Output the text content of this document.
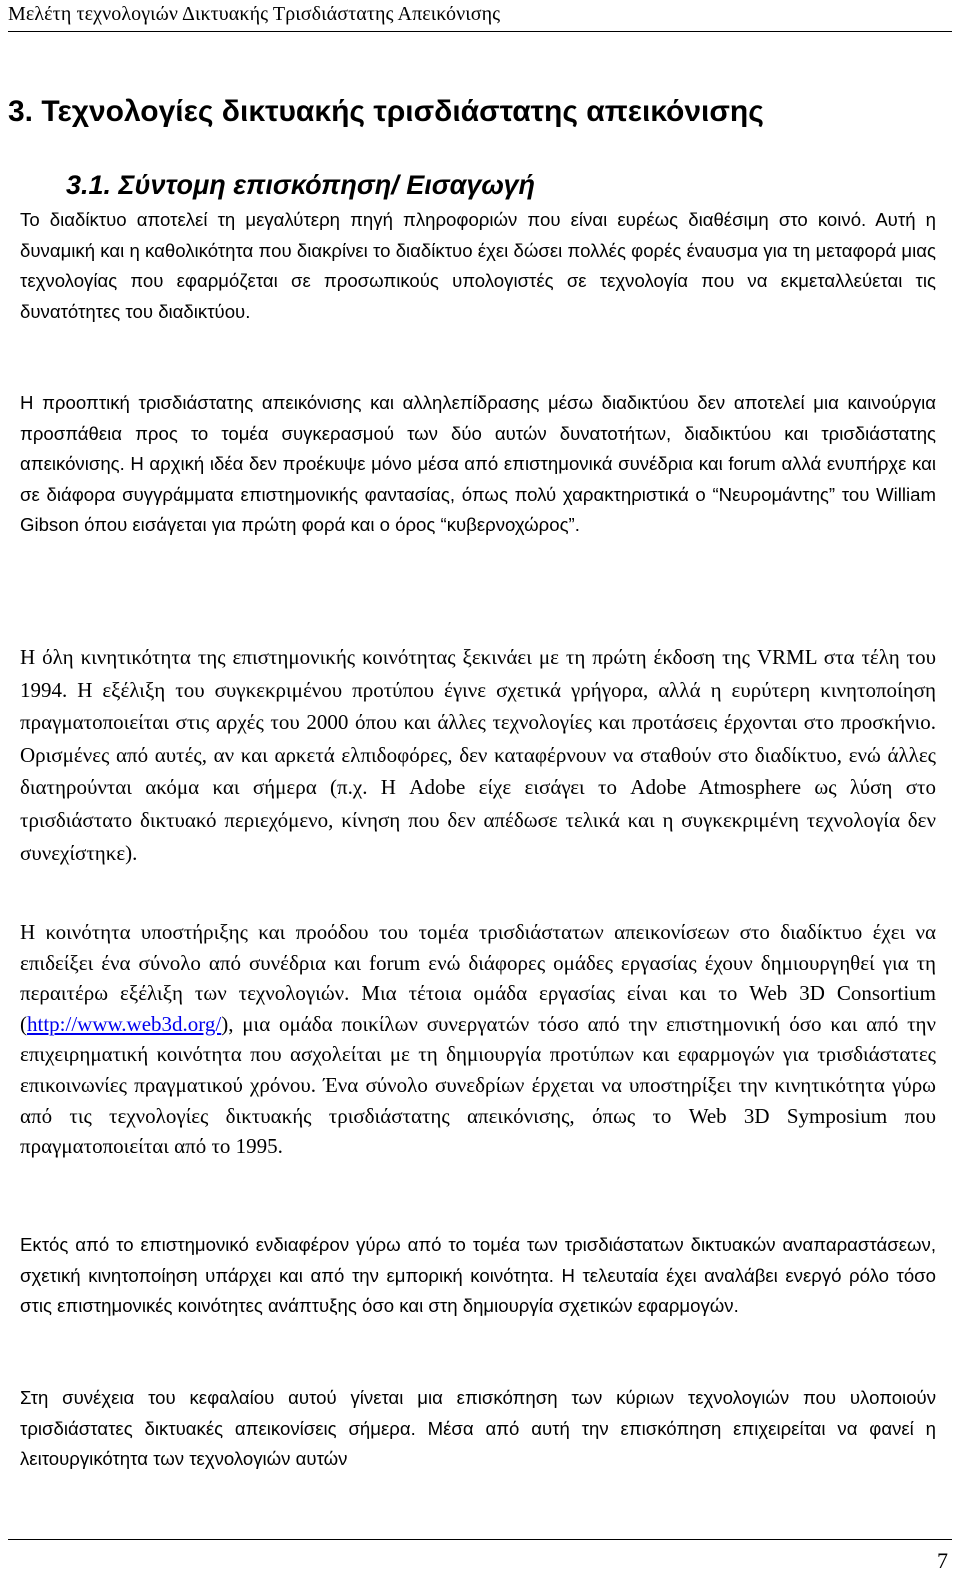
Μελέτη τεχνολογιών Δικτυακής Τρισδιάστατης Απεικόνισης
3. Τεχνολογίες δικτυακής τρισδιάστατης απεικόνισης
3.1. Σύντομη επισκόπηση/ Εισαγωγή

Το διαδίκτυο αποτελεί τη μεγαλύτερη πηγή πληροφοριών που είναι ευρέως διαθέσιμη στο κοινό. Αυτή η δυναμική και η καθολικότητα που διακρίνει το διαδίκτυο έχει δώσει πολλές φορές έναυσμα για τη μεταφορά μιας τεχνολογίας που εφαρμόζεται σε προσωπικούς υπολογιστές σε τεχνολογία που να εκμεταλλεύεται τις δυνατότητες του διαδικτύου.

Η προοπτική τρισδιάστατης απεικόνισης και αλληλεπίδρασης μέσω διαδικτύου δεν αποτελεί μια καινούργια προσπάθεια προς το τομέα συγκερασμού των δύο αυτών δυνατοτήτων, διαδικτύου και τρισδιάστατης απεικόνισης. Η αρχική ιδέα δεν προέκυψε μόνο μέσα από επιστημονικά συνέδρια και forum αλλά ενυπήρχε και σε διάφορα συγγράμματα επιστημονικής φαντασίας, όπως πολύ χαρακτηριστικά ο “Νευρομάντης” του William Gibson όπου εισάγεται για πρώτη φορά και ο όρος “κυβερνοχώρος”.

Η όλη κινητικότητα της επιστημονικής κοινότητας ξεκινάει με τη πρώτη έκδοση της VRML στα τέλη του 1994. Η εξέλιξη του συγκεκριμένου προτύπου έγινε σχετικά γρήγορα, αλλά η ευρύτερη κινητοποίηση πραγματοποιείται στις αρχές του 2000 όπου και άλλες τεχνολογίες και προτάσεις έρχονται στο προσκήνιο. Ορισμένες από αυτές, αν και αρκετά ελπιδοφόρες, δεν καταφέρνουν να σταθούν στο διαδίκτυο, ενώ άλλες διατηρούνται ακόμα και σήμερα (π.χ. Η Adobe είχε εισάγει το Adobe Atmosphere ως λύση στο τρισδιάστατο δικτυακό περιεχόμενο, κίνηση που δεν απέδωσε τελικά και η συγκεκριμένη τεχνολογία δεν συνεχίστηκε).

Η κοινότητα υποστήριξης και προόδου του τομέα τρισδιάστατων απεικονίσεων στο διαδίκτυο έχει να επιδείξει ένα σύνολο από συνέδρια και forum ενώ διάφορες ομάδες εργασίας έχουν δημιουργηθεί για τη περαιτέρω εξέλιξη των τεχνολογιών. Μια τέτοια ομάδα εργασίας είναι και το Web 3D Consortium (http://www.web3d.org/), μια ομάδα ποικίλων συνεργατών τόσο από την επιστημονική όσο και από την επιχειρηματική κοινότητα που ασχολείται με τη δημιουργία προτύπων και εφαρμογών για τρισδιάστατες επικοινωνίες πραγματικού χρόνου. Ένα σύνολο συνεδρίων έρχεται να υποστηρίξει την κινητικότητα γύρω από τις τεχνολογίες δικτυακής τρισδιάστατης απεικόνισης, όπως το Web 3D Symposium που πραγματοποιείται από το 1995.

Εκτός από το επιστημονικό ενδιαφέρον γύρω από το τομέα των τρισδιάστατων δικτυακών αναπαραστάσεων, σχετική κινητοποίηση υπάρχει και από την εμπορική κοινότητα. Η τελευταία έχει αναλάβει ενεργό ρόλο τόσο στις επιστημονικές κοινότητες ανάπτυξης όσο και στη δημιουργία σχετικών εφαρμογών.

Στη συνέχεια του κεφαλαίου αυτού γίνεται μια επισκόπηση των κύριων τεχνολογιών που υλοποιούν τρισδιάστατες δικτυακές απεικονίσεις σήμερα. Μέσα από αυτή την επισκόπηση επιχειρείται να φανεί η λειτουργικότητα των τεχνολογιών αυτών

7
